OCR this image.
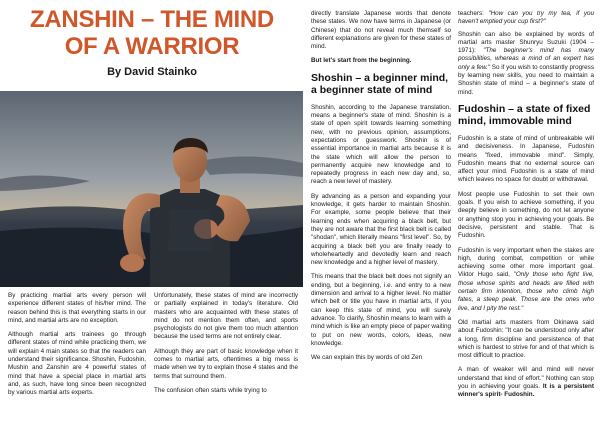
ZANSHIN – THE MIND
OF A WARRIOR
By David Stainko

By practicing martial arts every person will experience different states of his/her mind. The reason behind this is that everything starts in our mind, and martial arts are no exception.

Although martial arts trainees go through different states of mind while practicing them, we will explain 4 main states so that the readers can understand their significance. Shoshin, Fudoshin, Mushin and Zanshin are 4 powerful states of mind that have a special place in martial arts and, as such, have long since been recognized by various martial arts experts.

Unfortunately, these states of mind are incorrectly or partially explained in today's literature. Old masters who are acquainted with these states of mind do not mention them often, and sports psychologists do not give them too much attention because the used terms are not entirely clear.

Although they are part of basic knowledge when it comes to martial arts, oftentimes a big mess is made when we try to explain those 4 states and the terms that surround them.

The confusion often starts while trying to

directly translate Japanese words that denote these states. We now have terms in Japanese (or Chinese) that do not reveal much themself so different explanations are given for these states of mind.

But let's start from the beginning.

Shoshin – a beginner mind, a beginner state of mind

Shoshin, according to the Japanese translation, means a beginner's state of mind. Shoshin is a state of open spirit towards learning something new, with no previous opinion, assumptions, expectations or guesswork. Shoshin is of essential importance in martial arts because it is the state which will allow the person to permanently acquire new knowledge and to repeatedly progress in each new day and, so, reach a new level of mastery.

By advancing as a person and expanding your knowledge, it gets harder to maintain Shoshin. For example, some people believe that their learning ends when acquiring a black belt, but they are not aware that the first black belt is called "shodan", which literally means "first level". So, by acquiring a black belt you are finally ready to wholeheartedly and devotedly learn and reach new knowledge and a higher level of mastery.

This means that the black belt does not signify an ending, but a beginning, i.e. and entry to a new dimension and arrival to a higher level. No matter which belt or title you have in martial arts, if you can keep this state of mind, you will surely advance. To clarify, Shoshin means to learn with a mind which is like an empty piece of paper waiting to put on new words, colors, ideas, new knowledge.

We can explain this by words of old Zen

teachers: "How can you try my tea, if you haven't emptied your cup first?"

Shoshin can also be explained by words of martial arts master Shunryu Suzuki (1904 – 1971): "The beginner's mind has many possibilities, whereas a mind of an expert has only a few." So if you wish to constantly progress by learning new skills, you need to maintain a Shoshin state of mind – a beginner's state of mind.

Fudoshin – a state of fixed mind, immovable mind

Fudoshin is a state of mind of unbreakable will and decisiveness. In Japanese, Fudoshin means "fixed, immovable mind". Simply, Fudoshin means that no external source can affect your mind. Fudoshin is a state of mind which leaves no space for doubt or withdrawal.

Most people use Fudoshin to set their own goals. If you wish to achieve something, if you deeply believe in something, do not let anyone or anything stop you in achieving your goals. Be decisive, persistent and stable. That is Fudoshin.

Fudoshin is very important when the stakes are high, during combat, competition or while achieving some other more important goal. Viktor Hugo said, "Only those who fight live, those whose spirits and heads are filled with certain firm intention, those who climb high fates, a steep peak. Those are the ones who live, and I pity the rest."

Old martial arts masters from Okinawa said about Fudoshin: "It can be understood only after a long, firm discipline and persistence of that which is hardest to strive for and of that which is most difficult to practice.

A man of weaker will and mind will never understand that kind of effort." Nothing can stop you in achieving your goals. It is a persistent winner's spirit- Fudoshin.
